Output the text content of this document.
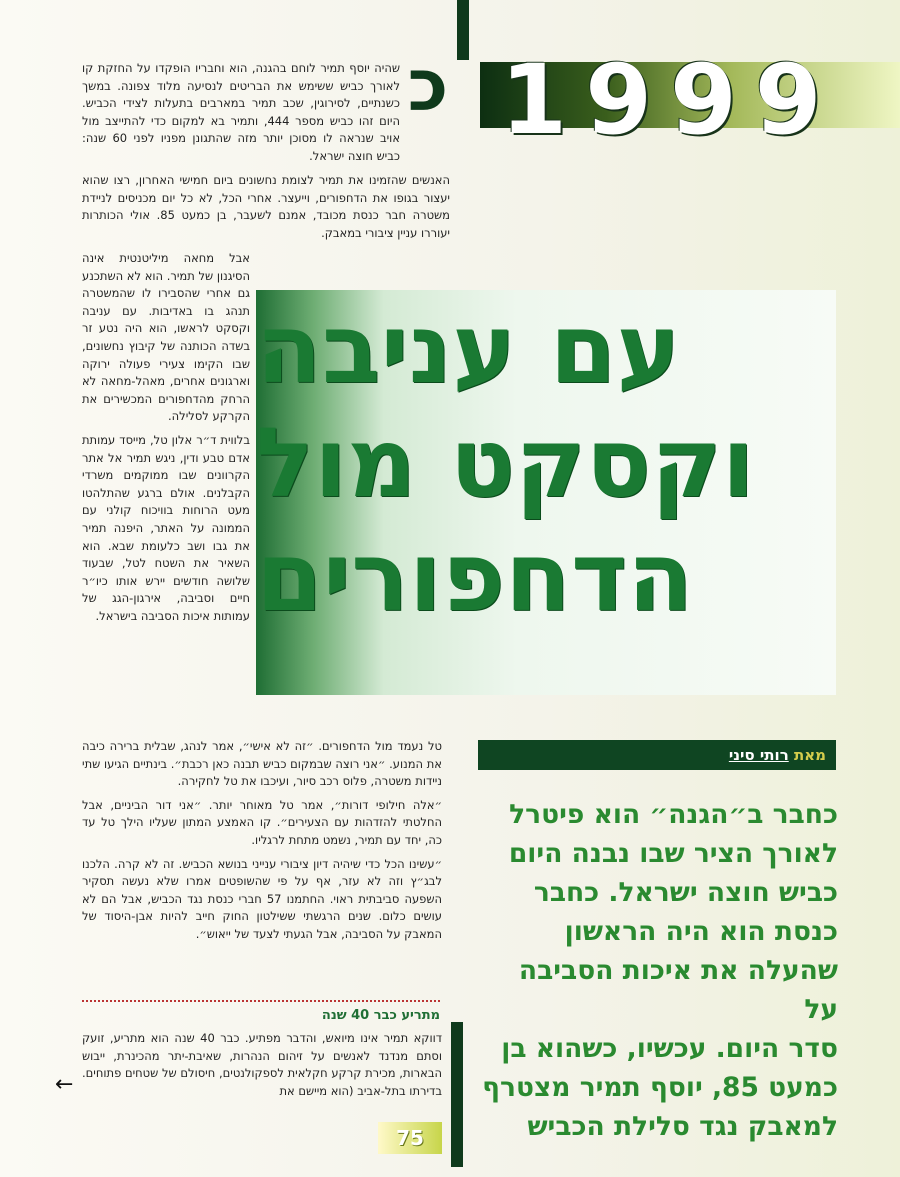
1999
כ

שהיה יוסף תמיר לוחם בהגנה, הוא וחבריו הופקדו על החזקת קו לאורך כביש ששימש את הבריטים לנסיעה מלוד צפונה. במשך כשנתיים, לסירוגין, שכב תמיר במארבים בתעלות לצידי הכביש. היום זהו כביש מספר 444, ותמיר בא למקום כדי להתייצב מול אויב שנראה לו מסוכן יותר מזה שהתגונן מפניו לפני 60 שנה: כביש חוצה ישראל.

האנשים שהזמינו את תמיר לצומת נחשונים ביום חמישי האחרון, רצו שהוא יעצור בגופו את הדחפורים, וייעצר. אחרי הכל, לא כל יום מכניסים לניידת משטרה חבר כנסת מכובד, אמנם לשעבר, בן כמעט 85. אולי הכותרות יעוררו עניין ציבורי במאבק.

אבל מחאה מיליטנטית אינה הסיגנון של תמיר. הוא לא השתכנע גם אחרי שהסבירו לו שהמשטרה תנהג בו באדיבות. עם עניבה וקסקט לראשו, הוא היה נטע זר בשדה הכותנה של קיבוץ נחשונים, שבו הקימו צעירי פעולה ירוקה וארגונים אחרים, מאהל-מחאה לא הרחק מהדחפורים המכשירים את הקרקע לסלילה.

בלווית ד״ר אלון טל, מייסד עמותת אדם טבע ודין, ניגש תמיר אל אתר הקרוונים שבו ממוקמים משרדי הקבלנים. אולם ברגע שהתלהטו מעט הרוחות בוויכוח קולני עם הממונה על האתר, היפנה תמיר את גבו ושב כלעומת שבא. הוא השאיר את השטח לטל, שבעוד שלושה חודשים יירש אותו כיו״ר חיים וסביבה, אירגון-הגג של עמותות איכות הסביבה בישראל.

טל נעמד מול הדחפורים. ״זה לא אישי״, אמר לנהג, שבלית ברירה כיבה את המנוע. ״אני רוצה שבמקום כביש תבנה כאן רכבת״. בינתיים הגיעו שתי ניידות משטרה, פלוס רכב סיור, ועיכבו את טל לחקירה.

״אלה חילופי דורות״, אמר טל מאוחר יותר. ״אני דור הביניים, אבל החלטתי להזדהות עם הצעירים״. קו האמצע המתון שעליו הילך טל עד כה, יחד עם תמיר, נשמט מתחת לרגליו.

״עשינו הכל כדי שיהיה דיון ציבורי ענייני בנושא הכביש. זה לא קרה. הלכנו לבג״ץ וזה לא עזר, אף על פי שהשופטים אמרו שלא נעשה תסקיר השפעה סביבתית ראוי. החתמנו 57 חברי כנסת נגד הכביש, אבל הם לא עושים כלום. שנים הרגשתי ששילטון החוק חייב להיות אבן-היסוד של המאבק על הסביבה, אבל הגעתי לצעד של ייאוש״.

עם עניבה
וקסקט מול
הדחפורים
מאת רותי סיני

כחבר ב״הגנה״ הוא פיטרל

לאורך הציר שבו נבנה היום

כביש חוצה ישראל. כחבר

כנסת הוא היה הראשון

שהעלה את איכות הסביבה על

סדר היום. עכשיו, כשהוא בן

כמעט 85, יוסף תמיר מצטרף

למאבק נגד סלילת הכביש

מתריע כבר 40 שנה

דווקא תמיר אינו מיואש, והדבר מפתיע. כבר 40 שנה הוא מתריע, זועק וסתם מנדנד לאנשים על זיהום הנהרות, שאיבת-יתר מהכינרת, ייבוש הבארות, מכירת קרקע חקלאית לספקולנטים, חיסולם של שטחים פתוחים. בדירתו בתל-אביב (הוא מיישם את

←
75
